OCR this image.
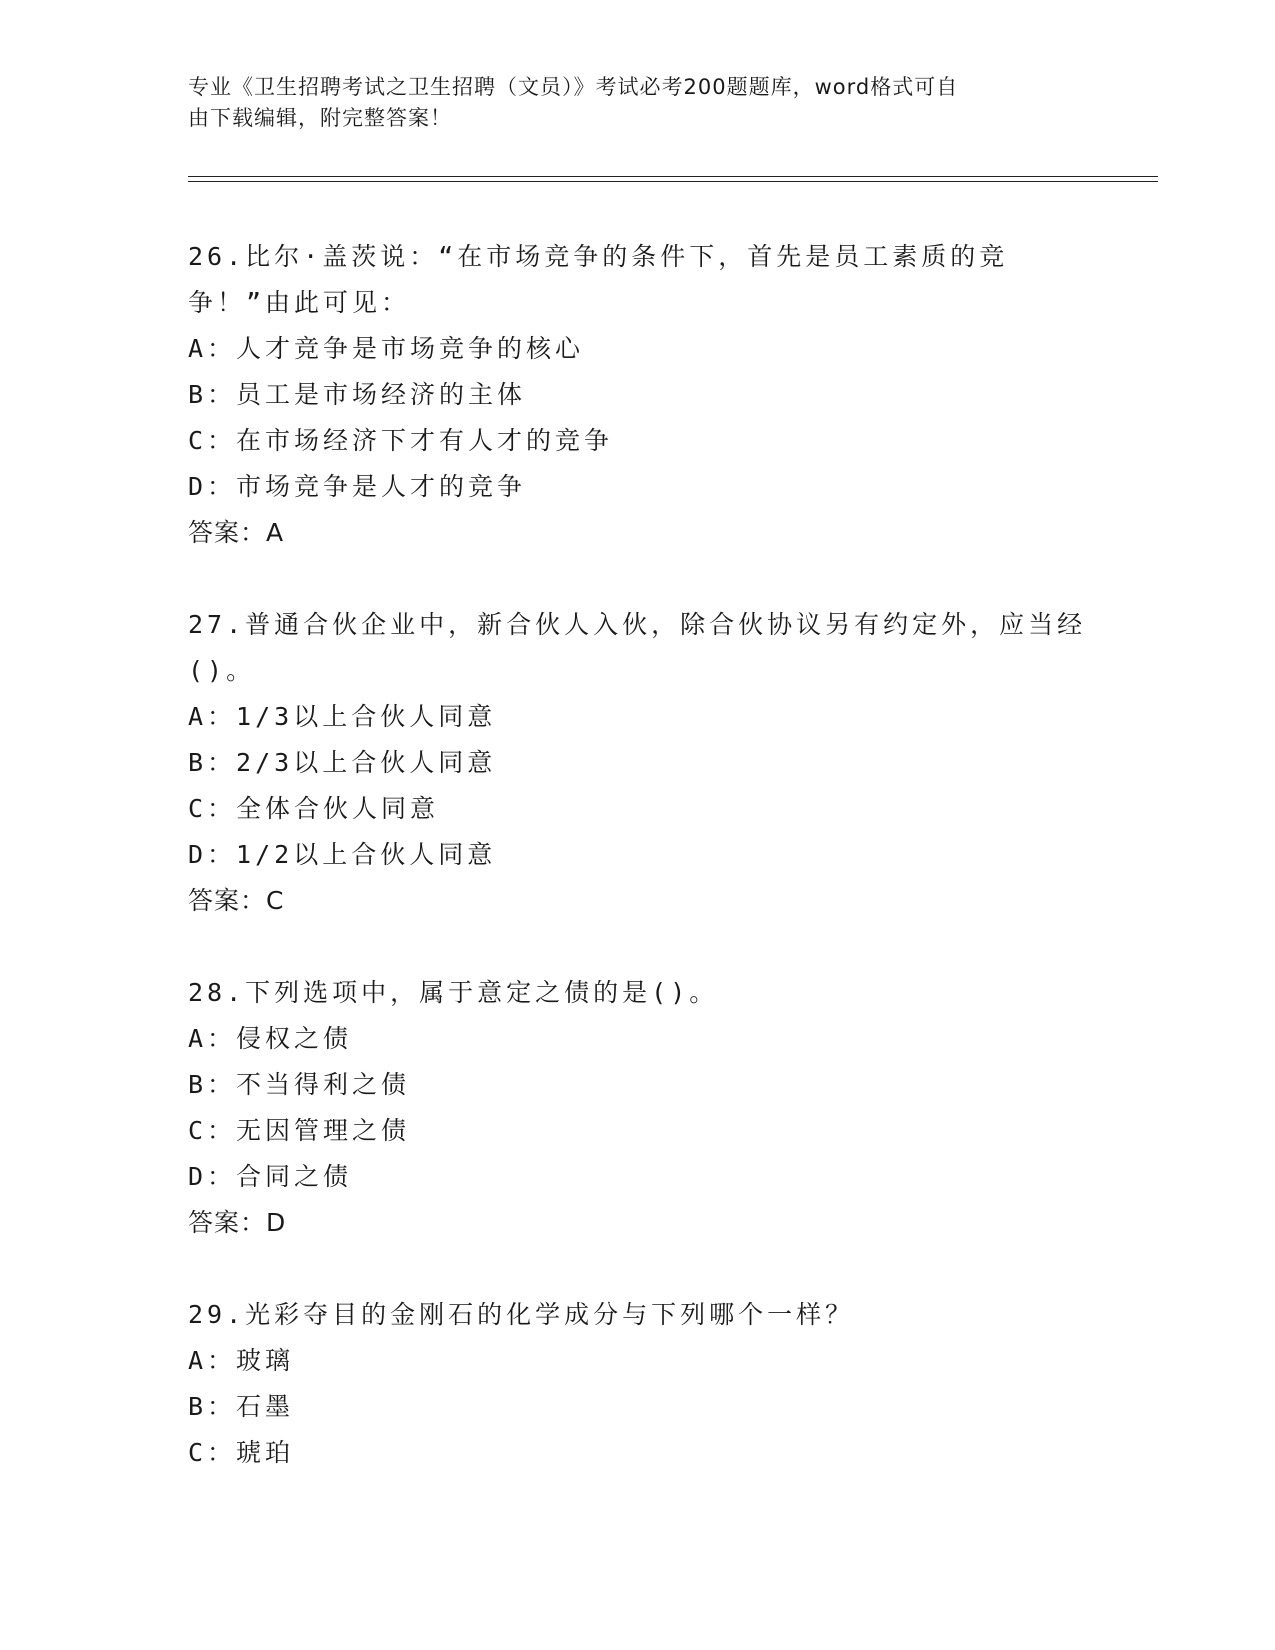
专业《卫生招聘考试之卫生招聘（文员）》考试必考200题题库，word格式可自
由下载编辑，附完整答案！
26.比尔·盖茨说：“在市场竞争的条件下，首先是员工素质的竞争！”由此可见：
A：人才竞争是市场竞争的核心
B：员工是市场经济的主体
C：在市场经济下才有人才的竞争
D：市场竞争是人才的竞争
答案：A
27.普通合伙企业中，新合伙人入伙，除合伙协议另有约定外，应当经()。
A：1/3以上合伙人同意
B：2/3以上合伙人同意
C：全体合伙人同意
D：1/2以上合伙人同意
答案：C
28.下列选项中，属于意定之债的是()。
A：侵权之债
B：不当得利之债
C：无因管理之债
D：合同之债
答案：D
29.光彩夺目的金刚石的化学成分与下列哪个一样？
A：玻璃
B：石墨
C：琥珀
